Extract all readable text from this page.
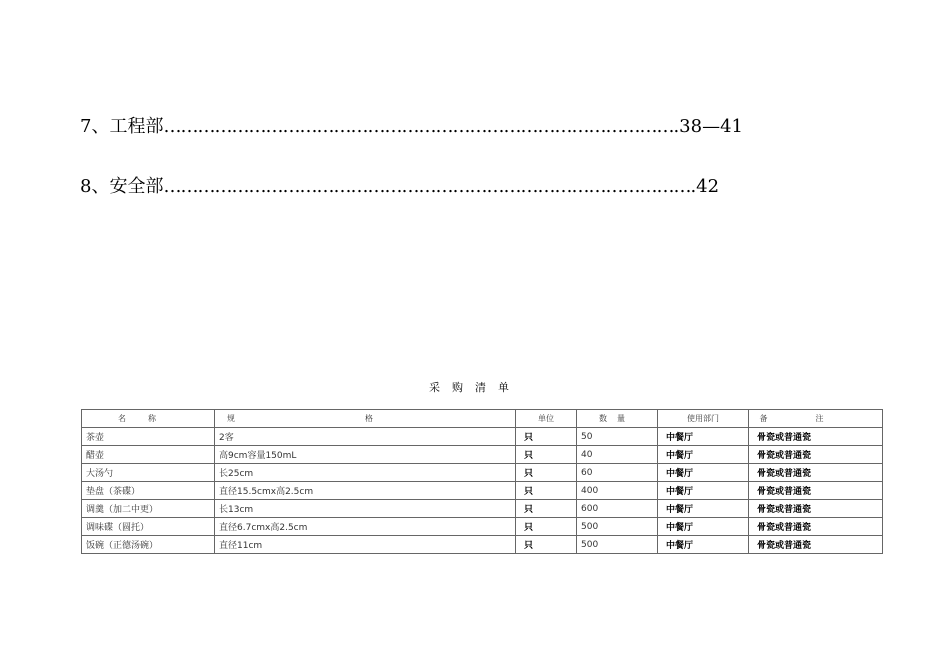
7、工程部……………………………………………………………………………….38—41
8、安全部………………………………………………………………………………….42
采购清单
名称	规格	单位	数量	使用部门	备注
茶壶	2客	只	50	中餐厅	骨瓷或普通瓷
醋壶	高9cm容量150mL	只	40	中餐厅	骨瓷或普通瓷
大汤勺	长25cm	只	60	中餐厅	骨瓷或普通瓷
垫盘（茶碟）	直径15.5cmx高2.5cm	只	400	中餐厅	骨瓷或普通瓷
调羹（加二中更）	长13cm	只	600	中餐厅	骨瓷或普通瓷
调味碟（圆托）	直径6.7cmx高2.5cm	只	500	中餐厅	骨瓷或普通瓷
饭碗（正德汤碗）	直径11cm	只	500	中餐厅	骨瓷或普通瓷
